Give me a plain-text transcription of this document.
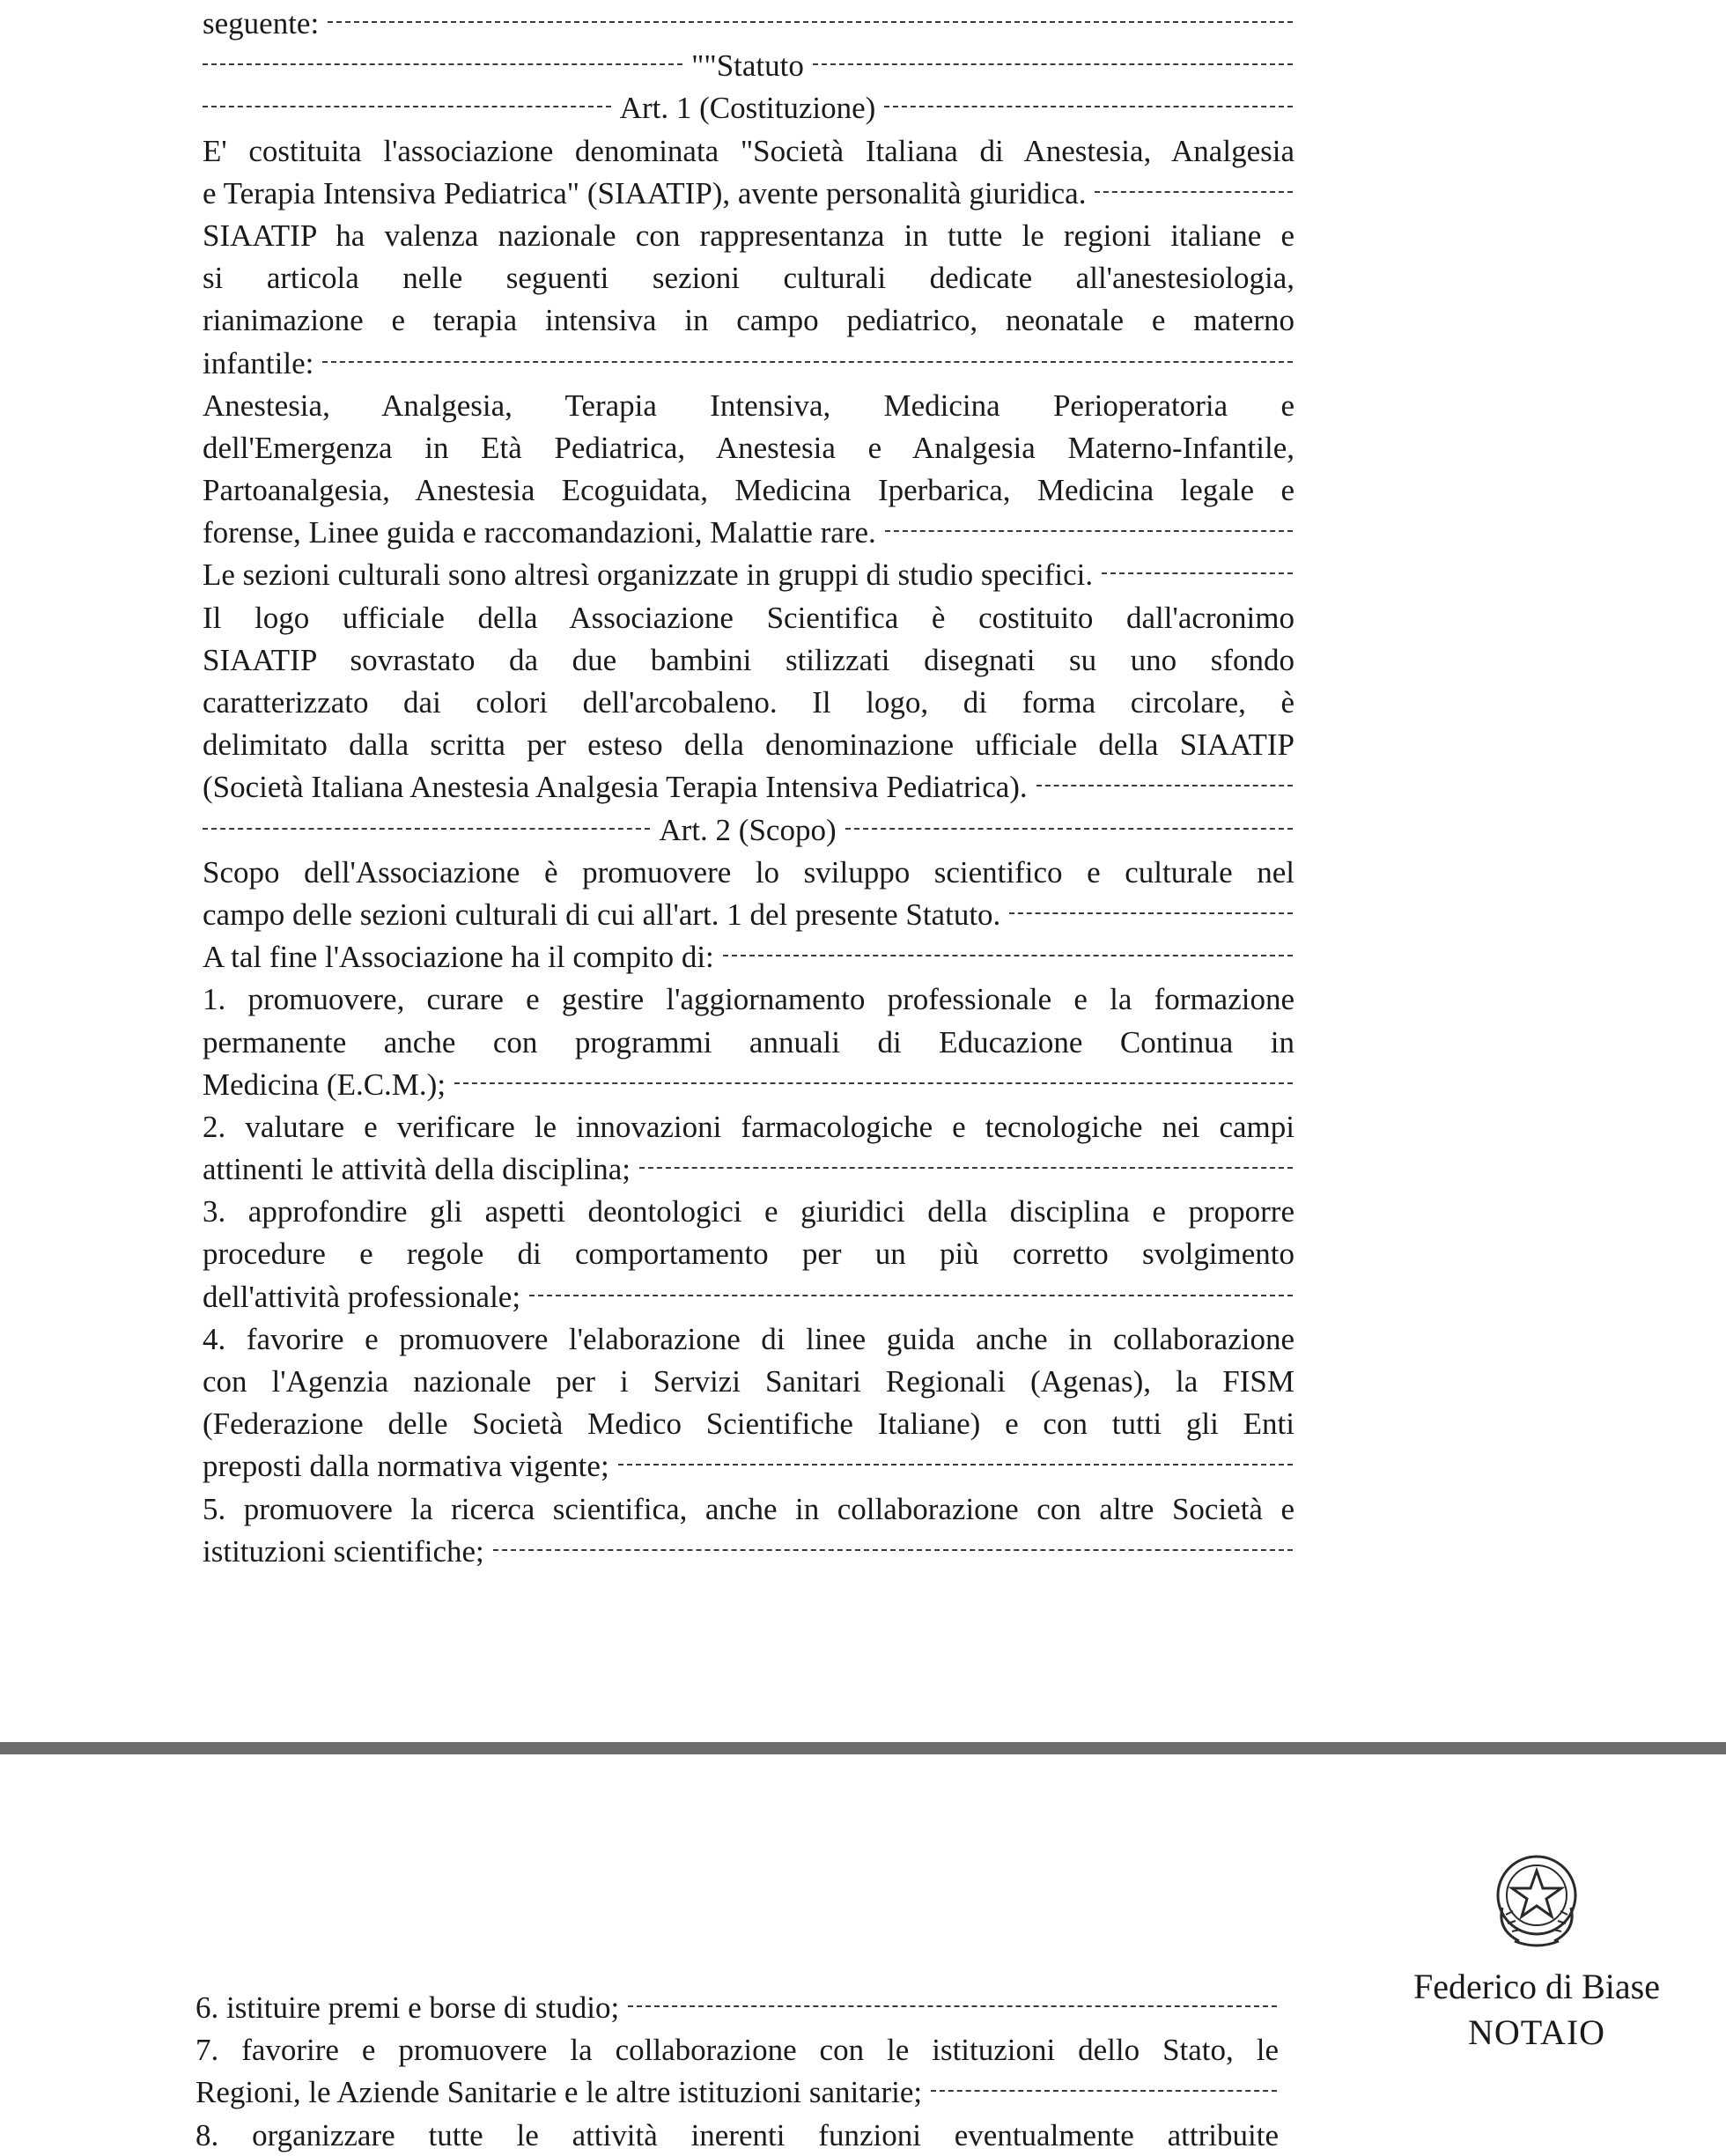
seguente:
""Statuto
Art. 1 (Costituzione)
E' costituita l'associazione denominata "Società Italiana di Anestesia, Analgesia
e Terapia Intensiva Pediatrica" (SIAATIP), avente personalità giuridica.
SIAATIP ha valenza nazionale con rappresentanza in tutte le regioni italiane e
si articola nelle seguenti sezioni culturali dedicate all'anestesiologia,
rianimazione e terapia intensiva in campo pediatrico, neonatale e materno
infantile:
Anestesia, Analgesia, Terapia Intensiva, Medicina Perioperatoria e
dell'Emergenza in Età Pediatrica, Anestesia e Analgesia Materno-Infantile,
Partoanalgesia, Anestesia Ecoguidata, Medicina Iperbarica, Medicina legale e
forense, Linee guida e raccomandazioni, Malattie rare.
Le sezioni culturali sono altresì organizzate in gruppi di studio specifici.
Il logo ufficiale della Associazione Scientifica è costituito dall'acronimo
SIAATIP sovrastato da due bambini stilizzati disegnati su uno sfondo
caratterizzato dai colori dell'arcobaleno. Il logo, di forma circolare, è
delimitato dalla scritta per esteso della denominazione ufficiale della SIAATIP
(Società Italiana Anestesia Analgesia Terapia Intensiva Pediatrica).
Art. 2 (Scopo)
Scopo dell'Associazione è promuovere lo sviluppo scientifico e culturale nel
campo delle sezioni culturali di cui all'art. 1 del presente Statuto.
A tal fine l'Associazione ha il compito di:
1. promuovere, curare e gestire l'aggiornamento professionale e la formazione
permanente anche con programmi annuali di Educazione Continua in
Medicina (E.C.M.);
2. valutare e verificare le innovazioni farmacologiche e tecnologiche nei campi
attinenti le attività della disciplina;
3. approfondire gli aspetti deontologici e giuridici della disciplina e proporre
procedure e regole di comportamento per un più corretto svolgimento
dell'attività professionale;
4. favorire e promuovere l'elaborazione di linee guida anche in collaborazione
con l'Agenzia nazionale per i Servizi Sanitari Regionali (Agenas), la FISM
(Federazione delle Società Medico Scientifiche Italiane) e con tutti gli Enti
preposti dalla normativa vigente;
5. promuovere la ricerca scientifica, anche in collaborazione con altre Società e
istituzioni scientifiche;
Federico di Biase
NOTAIO
6. istituire premi e borse di studio;
7. favorire e promuovere la collaborazione con le istituzioni dello Stato, le
Regioni, le Aziende Sanitarie e le altre istituzioni sanitarie;
8. organizzare tutte le attività inerenti funzioni eventualmente attribuite
